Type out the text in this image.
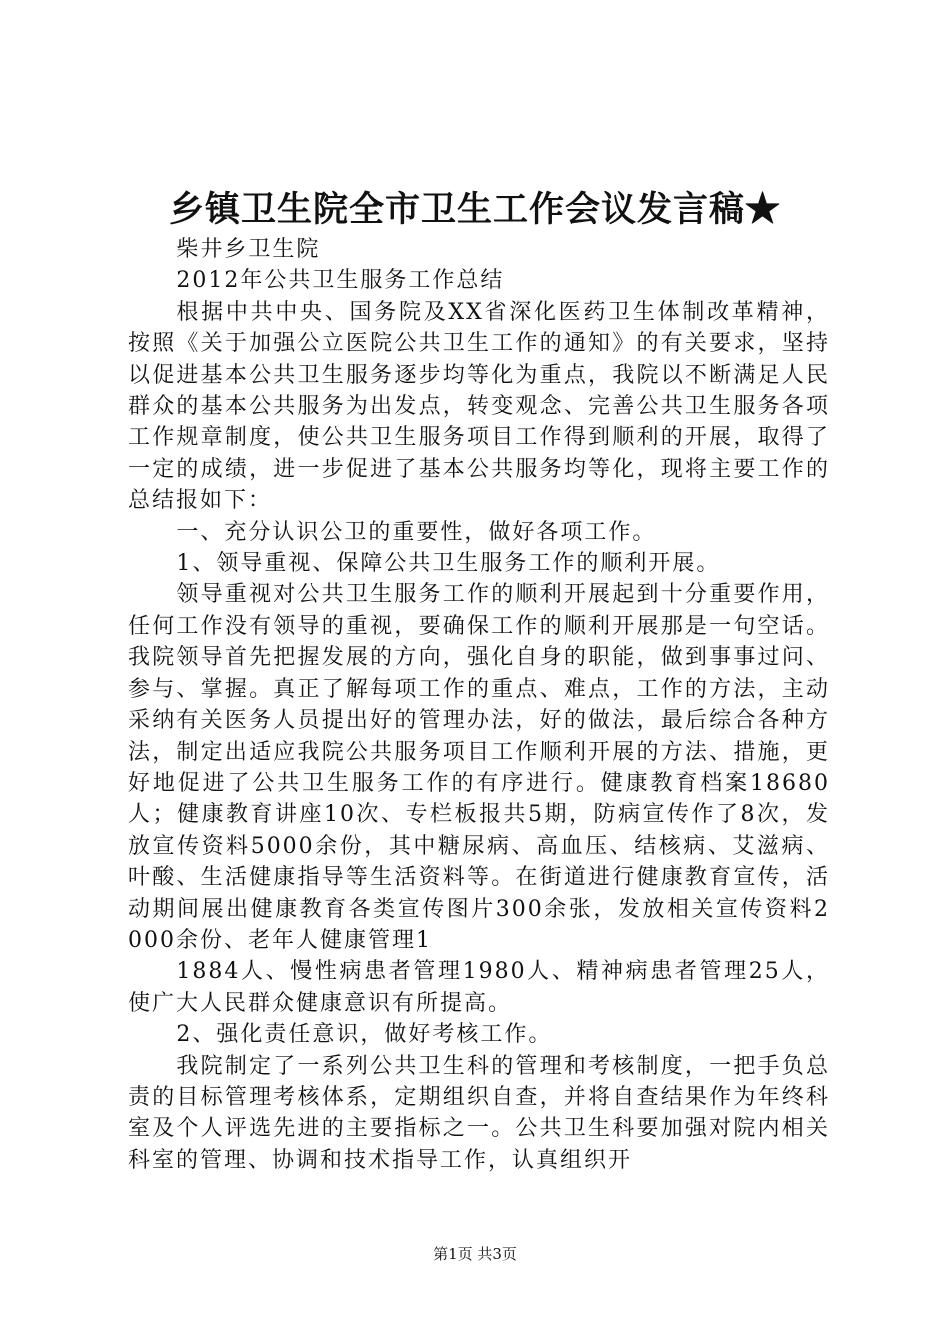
乡镇卫生院全市卫生工作会议发言稿★

柴井乡卫生院

2012年公共卫生服务工作总结

根据中共中央、国务院及XX省深化医药卫生体制改革精神，按照《关于加强公立医院公共卫生工作的通知》的有关要求，坚持以促进基本公共卫生服务逐步均等化为重点，我院以不断满足人民群众的基本公共服务为出发点，转变观念、完善公共卫生服务各项工作规章制度，使公共卫生服务项目工作得到顺利的开展，取得了一定的成绩，进一步促进了基本公共服务均等化，现将主要工作的总结报如下：

一、充分认识公卫的重要性，做好各项工作。

1、领导重视、保障公共卫生服务工作的顺利开展。

领导重视对公共卫生服务工作的顺利开展起到十分重要作用，任何工作没有领导的重视，要确保工作的顺利开展那是一句空话。我院领导首先把握发展的方向，强化自身的职能，做到事事过问、参与、掌握。真正了解每项工作的重点、难点，工作的方法，主动采纳有关医务人员提出好的管理办法，好的做法，最后综合各种方法，制定出适应我院公共服务项目工作顺利开展的方法、措施，更好地促进了公共卫生服务工作的有序进行。健康教育档案18680人；健康教育讲座10次、专栏板报共5期，防病宣传作了8次，发放宣传资料5000余份，其中糖尿病、高血压、结核病、艾滋病、叶酸、生活健康指导等生活资料等。在街道进行健康教育宣传，活动期间展出健康教育各类宣传图片300余张，发放相关宣传资料2000余份、老年人健康管理1

1884人、慢性病患者管理1980人、精神病患者管理25人，使广大人民群众健康意识有所提高。

2、强化责任意识，做好考核工作。

我院制定了一系列公共卫生科的管理和考核制度，一把手负总责的目标管理考核体系，定期组织自查，并将自查结果作为年终科室及个人评选先进的主要指标之一。公共卫生科要加强对院内相关科室的管理、协调和技术指导工作，认真组织开

第1页 共3页
